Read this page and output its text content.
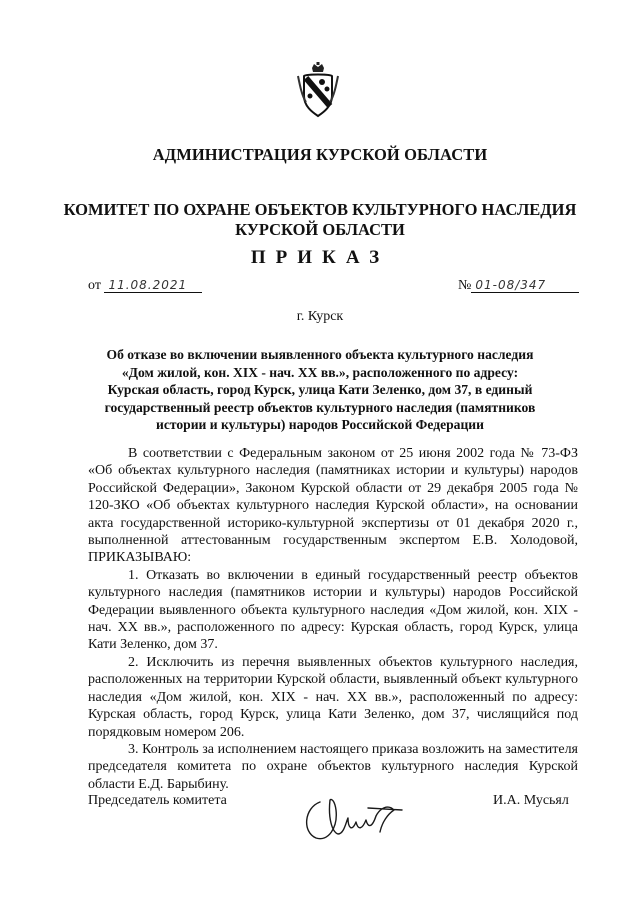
АДМИНИСТРАЦИЯ КУРСКОЙ ОБЛАСТИ
КОМИТЕТ ПО ОХРАНЕ ОБЪЕКТОВ КУЛЬТУРНОГО НАСЛЕДИЯ
КУРСКОЙ ОБЛАСТИ
ПРИКАЗ
от 11.08.2021	№ 01-08/347
г. Курск
Об отказе во включении выявленного объекта культурного наследия «Дом жилой, кон. XIX - нач. XX вв.», расположенного по адресу: Курская область, город Курск, улица Кати Зеленко, дом 37, в единый государственный реестр объектов культурного наследия (памятников истории и культуры) народов Российской Федерации

В соответствии с Федеральным законом от 25 июня 2002 года № 73-ФЗ «Об объектах культурного наследия (памятниках истории и культуры) народов Российской Федерации», Законом Курской области от 29 декабря 2005 года № 120-ЗКО «Об объектах культурного наследия Курской области», на основании акта государственной историко-культурной экспертизы от 01 декабря 2020 г., выполненной аттестованным государственным экспертом Е.В. Холодовой, ПРИКАЗЫВАЮ:

1. Отказать во включении в единый государственный реестр объектов культурного наследия (памятников истории и культуры) народов Российской Федерации выявленного объекта культурного наследия «Дом жилой, кон. XIX - нач. XX вв.», расположенного по адресу: Курская область, город Курск, улица Кати Зеленко, дом 37.

2. Исключить из перечня выявленных объектов культурного наследия, расположенных на территории Курской области, выявленный объект культурного наследия «Дом жилой, кон. XIX - нач. XX вв.», расположенный по адресу: Курская область, город Курск, улица Кати Зеленко, дом 37, числящийся под порядковым номером 206.

3. Контроль за исполнением настоящего приказа возложить на заместителя председателя комитета по охране объектов культурного наследия Курской области Е.Д. Барыбину.

Председатель комитета	И.А. Мусьял
